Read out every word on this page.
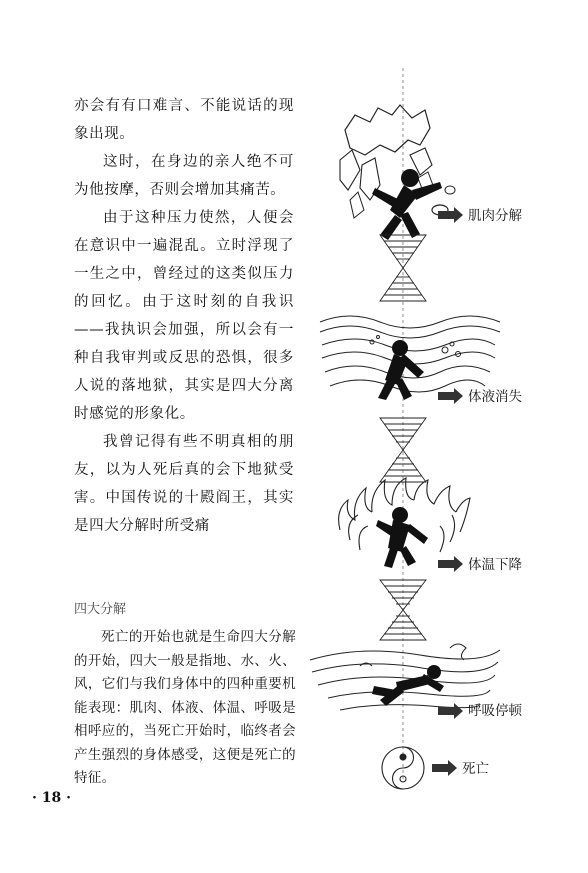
亦会有有口难言、不能说话的现象出现。

这时，在身边的亲人绝不可为他按摩，否则会增加其痛苦。

由于这种压力使然，人便会在意识中一遍混乱。立时浮现了一生之中，曾经过的这类似压力的回忆。由于这时刻的自我识——我执识会加强，所以会有一种自我审判或反思的恐惧，很多人说的落地狱，其实是四大分离时感觉的形象化。

我曾记得有些不明真相的朋友，以为人死后真的会下地狱受害。中国传说的十殿阎王，其实是四大分解时所受痛

四大分解

死亡的开始也就是生命四大分解的开始，四大一般是指地、水、火、风，它们与我们身体中的四种重要机能表现：肌肉、体液、体温、呼吸是相呼应的，当死亡开始时，临终者会产生强烈的身体感受，这便是死亡的特征。

· 18 ·
肌肉分解
体液消失
体温下降
呼吸停顿
死亡
